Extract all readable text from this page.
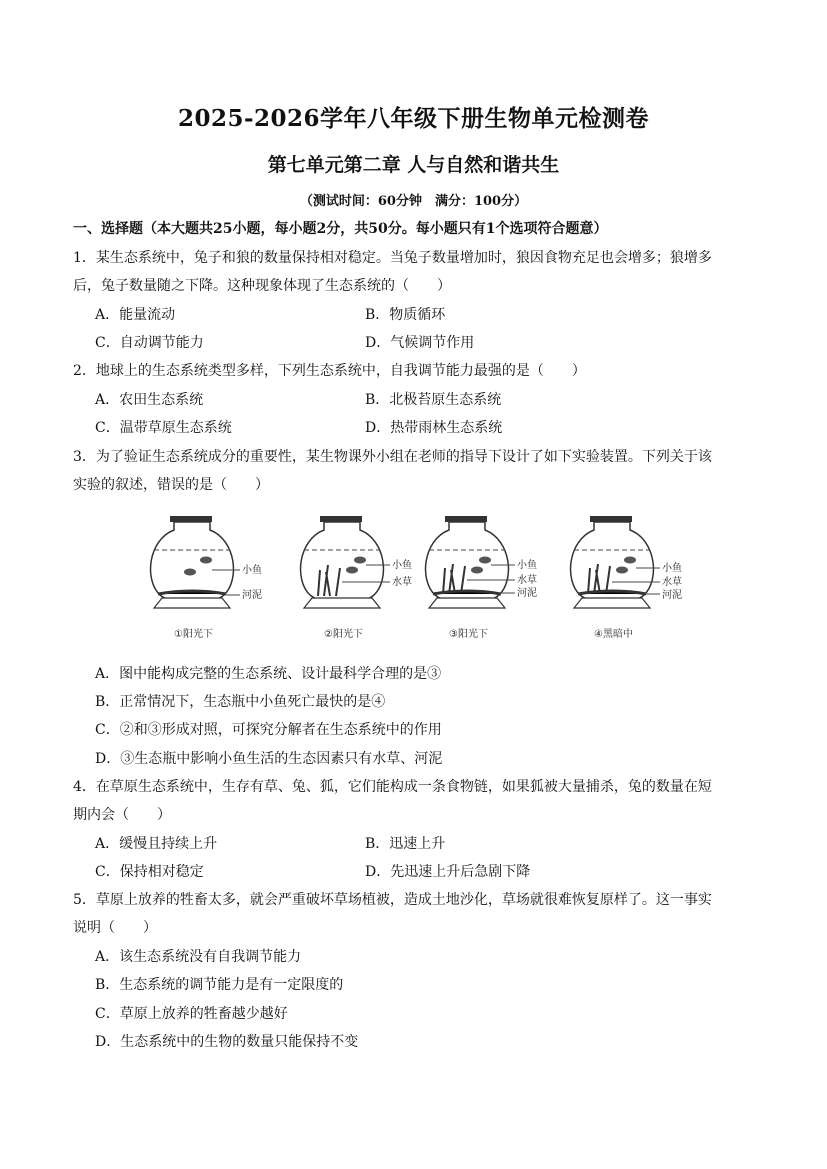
2025-2026学年八年级下册生物单元检测卷
第七单元第二章 人与自然和谐共生
（测试时间：60分钟　满分：100分）
一、选择题（本大题共25小题，每小题2分，共50分。每小题只有1个选项符合题意）
1．某生态系统中，兔子和狼的数量保持相对稳定。当兔子数量增加时，狼因食物充足也会增多；狼增多
后，兔子数量随之下降。这种现象体现了生态系统的（　　）
A．能量流动	B．物质循环
C．自动调节能力	D．气候调节作用
2．地球上的生态系统类型多样，下列生态系统中，自我调节能力最强的是（　　）
A．农田生态系统	B．北极苔原生态系统
C．温带草原生态系统	D．热带雨林生态系统
3．为了验证生态系统成分的重要性，某生物课外小组在老师的指导下设计了如下实验装置。下列关于该
实验的叙述，错误的是（　　）
小鱼
河泥
①阳光下
小鱼
水草
②阳光下
小鱼
水草
河泥
③阳光下
小鱼
水草
河泥
④黑暗中
A．图中能构成完整的生态系统、设计最科学合理的是③
B．正常情况下，生态瓶中小鱼死亡最快的是④
C．②和③形成对照，可探究分解者在生态系统中的作用
D．③生态瓶中影响小鱼生活的生态因素只有水草、河泥
4．在草原生态系统中，生存有草、兔、狐，它们能构成一条食物链，如果狐被大量捕杀，兔的数量在短
期内会（　　）
A．缓慢且持续上升	B．迅速上升
C．保持相对稳定	D．先迅速上升后急剧下降
5．草原上放养的牲畜太多，就会严重破坏草场植被，造成土地沙化，草场就很难恢复原样了。这一事实
说明（　　）
A．该生态系统没有自我调节能力
B．生态系统的调节能力是有一定限度的
C．草原上放养的牲畜越少越好
D．生态系统中的生物的数量只能保持不变
